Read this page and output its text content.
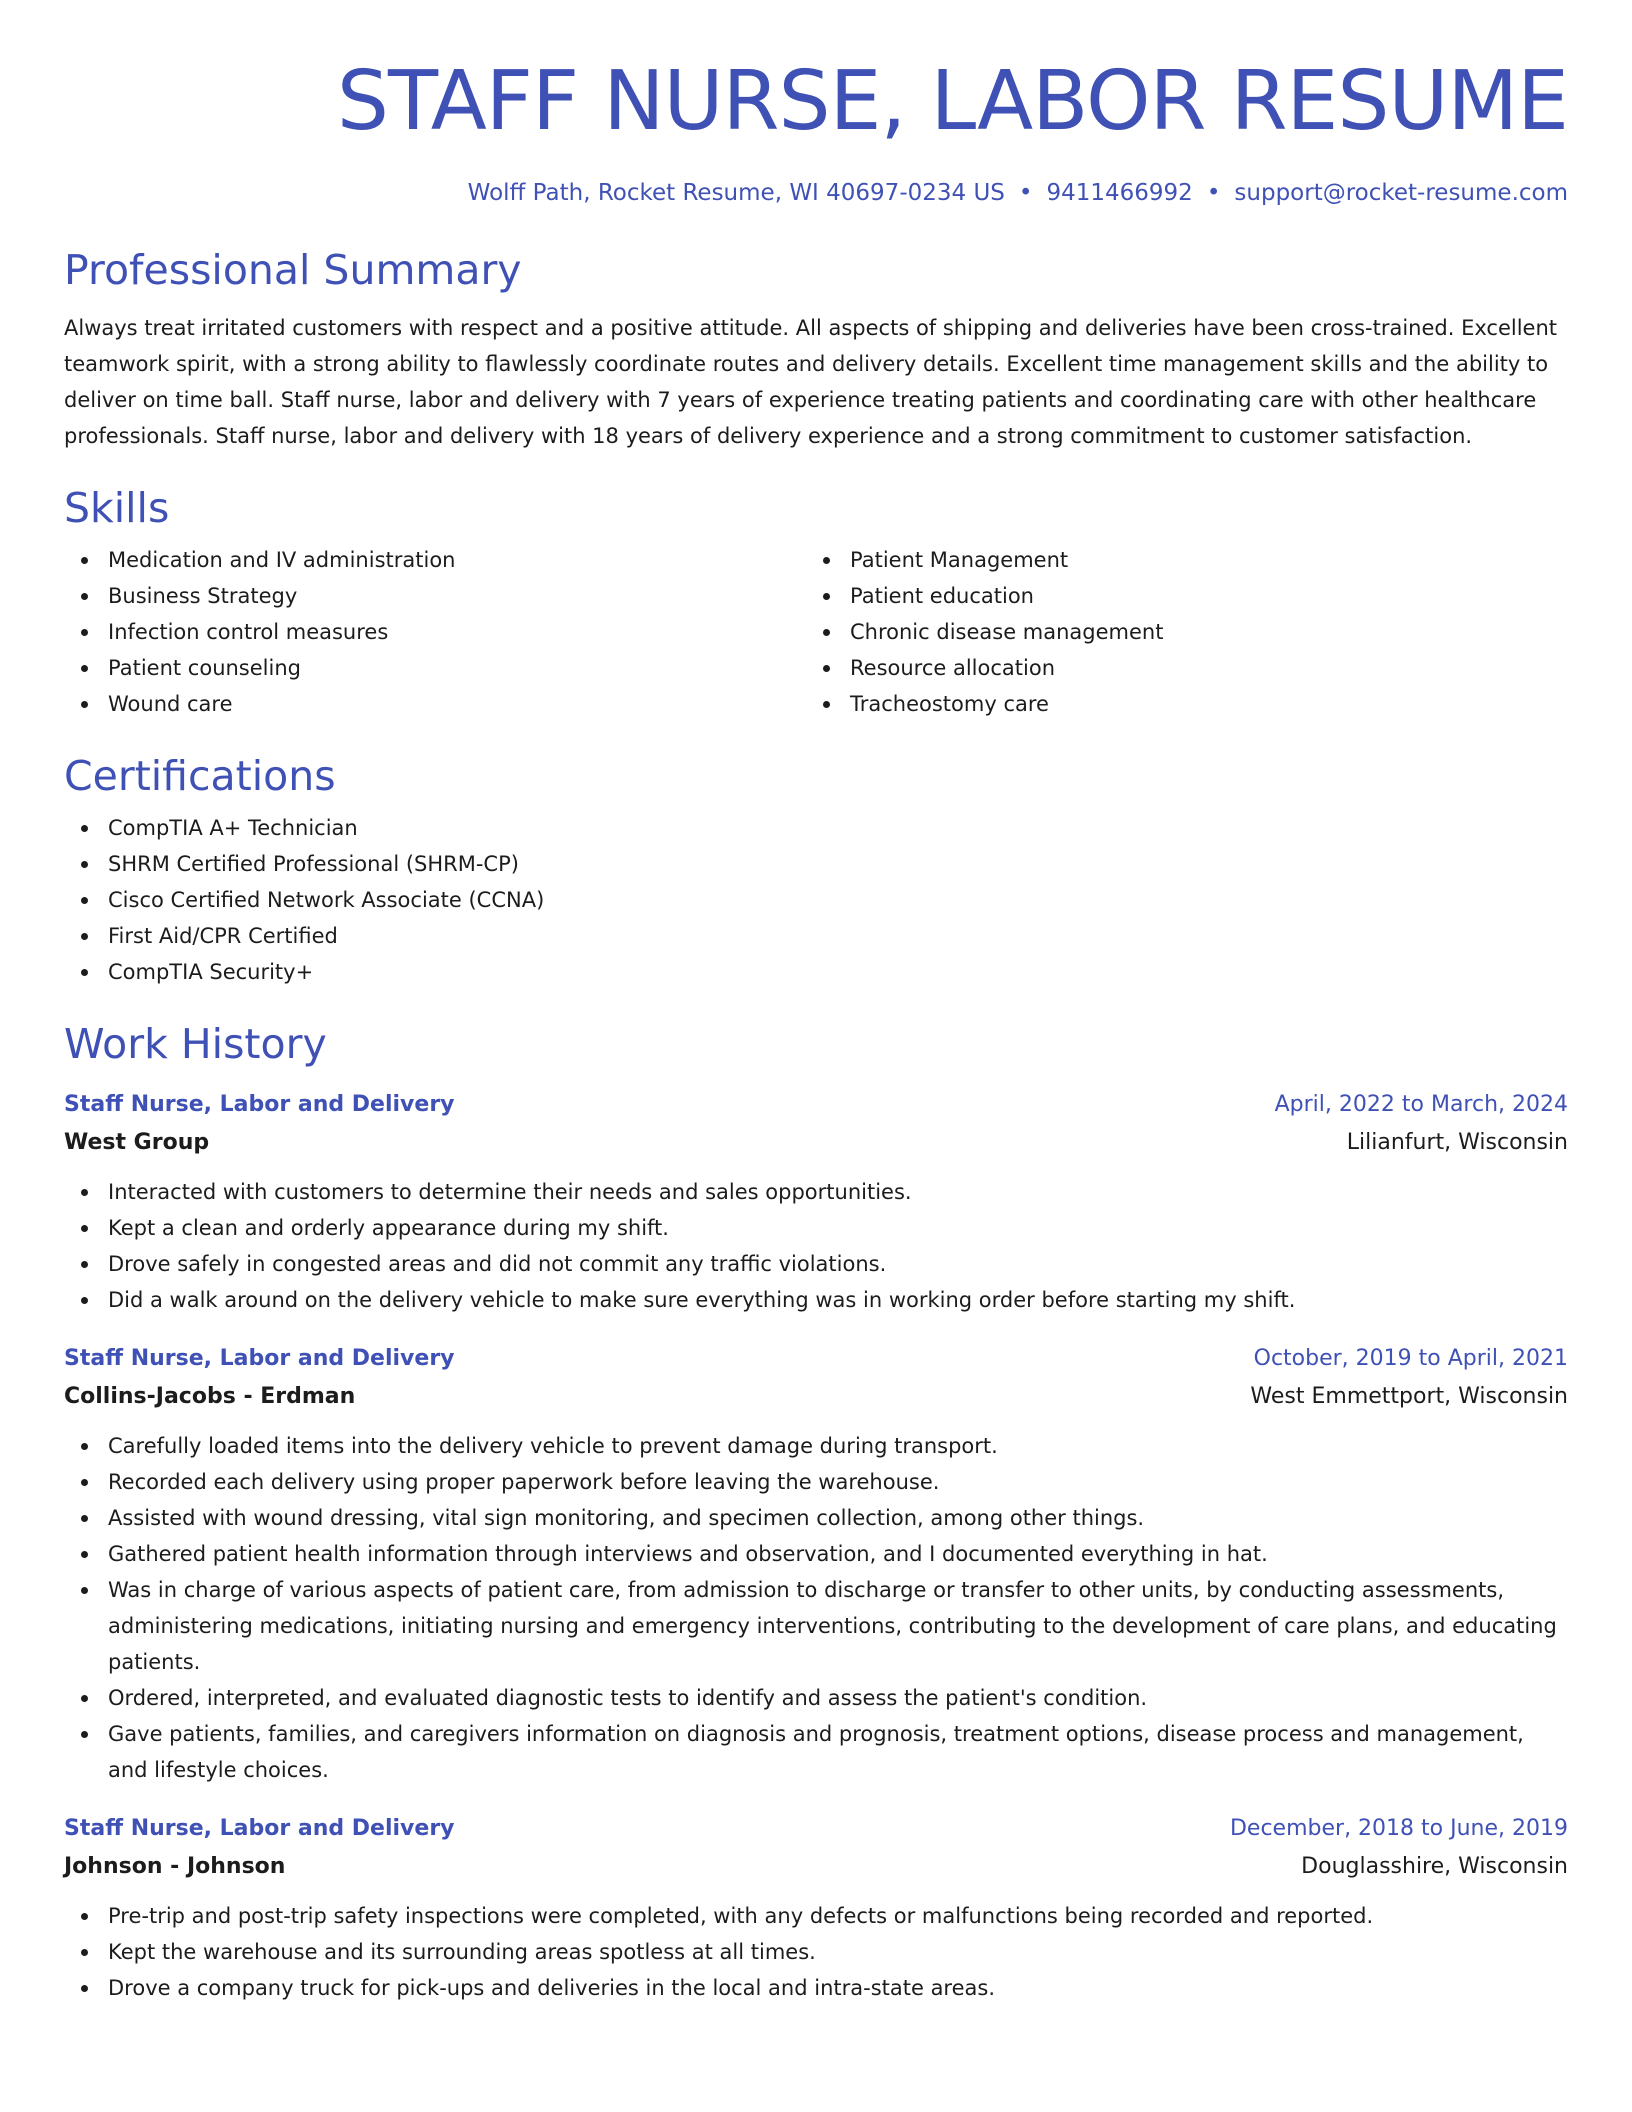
STAFF NURSE, LABOR RESUME
Wolff Path, Rocket Resume, WI 40697-0234 US • 9411466992 • support@rocket-resume.com
Professional Summary
Always treat irritated customers with respect and a positive attitude. All aspects of shipping and deliveries have been cross-trained. Excellent teamwork spirit, with a strong ability to flawlessly coordinate routes and delivery details. Excellent time management skills and the ability to deliver on time ball. Staff nurse, labor and delivery with 7 years of experience treating patients and coordinating care with other healthcare professionals. Staff nurse, labor and delivery with 18 years of delivery experience and a strong commitment to customer satisfaction.
Skills
Medication and IV administration
Business Strategy
Infection control measures
Patient counseling
Wound care
Patient Management
Patient education
Chronic disease management
Resource allocation
Tracheostomy care
Certifications
CompTIA A+ Technician
SHRM Certified Professional (SHRM-CP)
Cisco Certified Network Associate (CCNA)
First Aid/CPR Certified
CompTIA Security+
Work History
Staff Nurse, Labor and Delivery	April, 2022 to March, 2024
West Group	Lilianfurt, Wisconsin
Interacted with customers to determine their needs and sales opportunities.
Kept a clean and orderly appearance during my shift.
Drove safely in congested areas and did not commit any traffic violations.
Did a walk around on the delivery vehicle to make sure everything was in working order before starting my shift.
Staff Nurse, Labor and Delivery	October, 2019 to April, 2021
Collins-Jacobs - Erdman	West Emmettport, Wisconsin
Carefully loaded items into the delivery vehicle to prevent damage during transport.
Recorded each delivery using proper paperwork before leaving the warehouse.
Assisted with wound dressing, vital sign monitoring, and specimen collection, among other things.
Gathered patient health information through interviews and observation, and I documented everything in hat.
Was in charge of various aspects of patient care, from admission to discharge or transfer to other units, by conducting assessments, administering medications, initiating nursing and emergency interventions, contributing to the development of care plans, and educating patients.
Ordered, interpreted, and evaluated diagnostic tests to identify and assess the patient's condition.
Gave patients, families, and caregivers information on diagnosis and prognosis, treatment options, disease process and management, and lifestyle choices.
Staff Nurse, Labor and Delivery	December, 2018 to June, 2019
Johnson - Johnson	Douglasshire, Wisconsin
Pre-trip and post-trip safety inspections were completed, with any defects or malfunctions being recorded and reported.
Kept the warehouse and its surrounding areas spotless at all times.
Drove a company truck for pick-ups and deliveries in the local and intra-state areas.
